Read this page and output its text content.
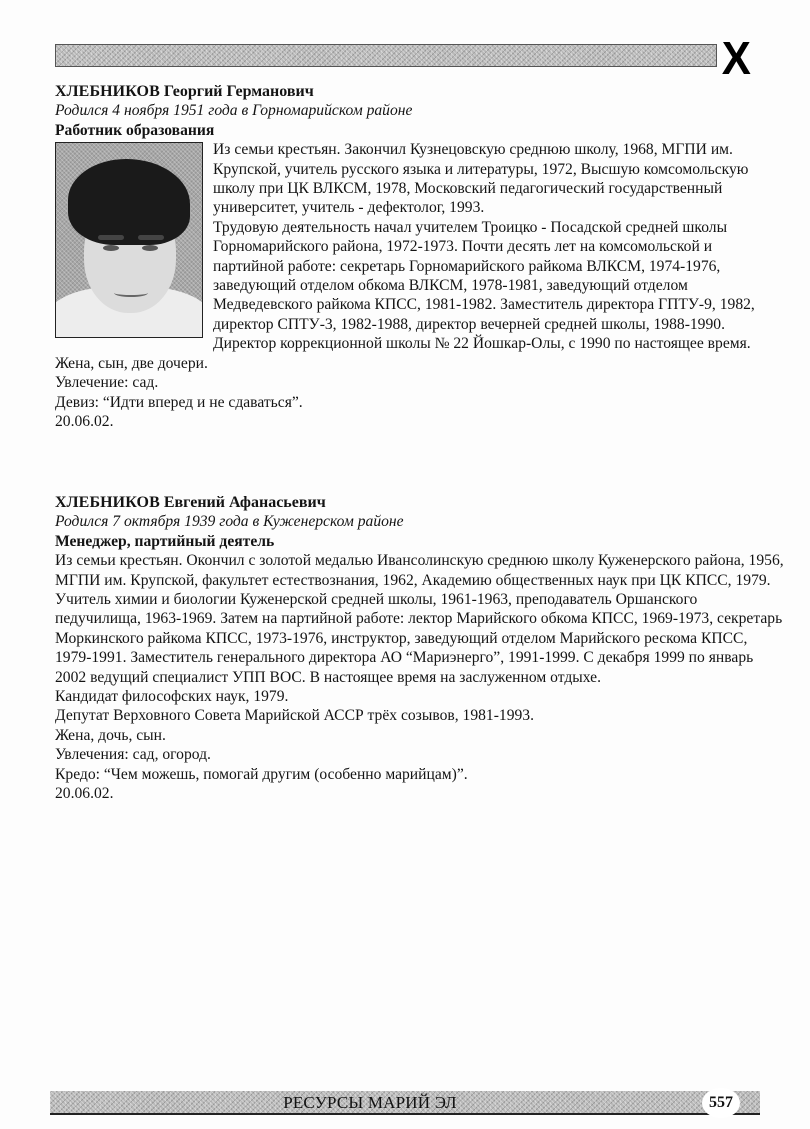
Х
ХЛЕБНИКОВ Георгий Германович
Родился 4 ноября 1951 года в Горномарийском районе
Работник образования

Из семьи крестьян. Закончил Кузнецовскую среднюю школу, 1968, МГПИ им. Крупской, учитель русского языка и литературы, 1972, Высшую комсомольскую школу при ЦК ВЛКСМ, 1978, Московский педагогический государственный университет, учитель - дефектолог, 1993.

Трудовую деятельность начал учителем Троицко - Посадской средней школы Горномарийского района, 1972-1973. Почти десять лет на комсомольской и партийной работе: секретарь Горномарийского райкома ВЛКСМ, 1974-1976, заведующий отделом обкома ВЛКСМ, 1978-1981, заведующий отделом Медведевского райкома КПСС, 1981-1982. Заместитель директора ГПТУ-9, 1982, директор СПТУ-3, 1982-1988, директор вечерней средней школы, 1988-1990. Директор коррекционной школы № 22 Йошкар-Олы, с 1990 по настоящее время.

Жена, сын, две дочери.

Увлечение: сад.

Девиз: “Идти вперед и не сдаваться”.

20.06.02.

ХЛЕБНИКОВ Евгений Афанасьевич
Родился 7 октября 1939 года в Куженерском районе
Менеджер, партийный деятель

Из семьи крестьян. Окончил с золотой медалью Ивансолинскую среднюю школу Куженерского района, 1956, МГПИ им. Крупской, факультет естествознания, 1962, Академию общественных наук при ЦК КПСС, 1979. Учитель химии и биологии Куженерской средней школы, 1961-1963, преподаватель Оршанского педучилища, 1963-1969. Затем на партийной работе: лектор Марийского обкома КПСС, 1969-1973, секретарь Моркинского райкома КПСС, 1973-1976, инструктор, заведующий отделом Марийского рескома КПСС, 1979-1991. Заместитель генерального директора АО “Мариэнерго”, 1991-1999. С декабря 1999 по январь 2002 ведущий специалист УПП ВОС. В настоящее время на заслуженном отдыхе.

Кандидат философских наук, 1979.

Депутат Верховного Совета Марийской АССР трёх созывов, 1981-1993.

Жена, дочь, сын.

Увлечения: сад, огород.

Кредо: “Чем можешь, помогай другим (особенно марийцам)”.

20.06.02.

РЕСУРСЫ МАРИЙ ЭЛ	557
